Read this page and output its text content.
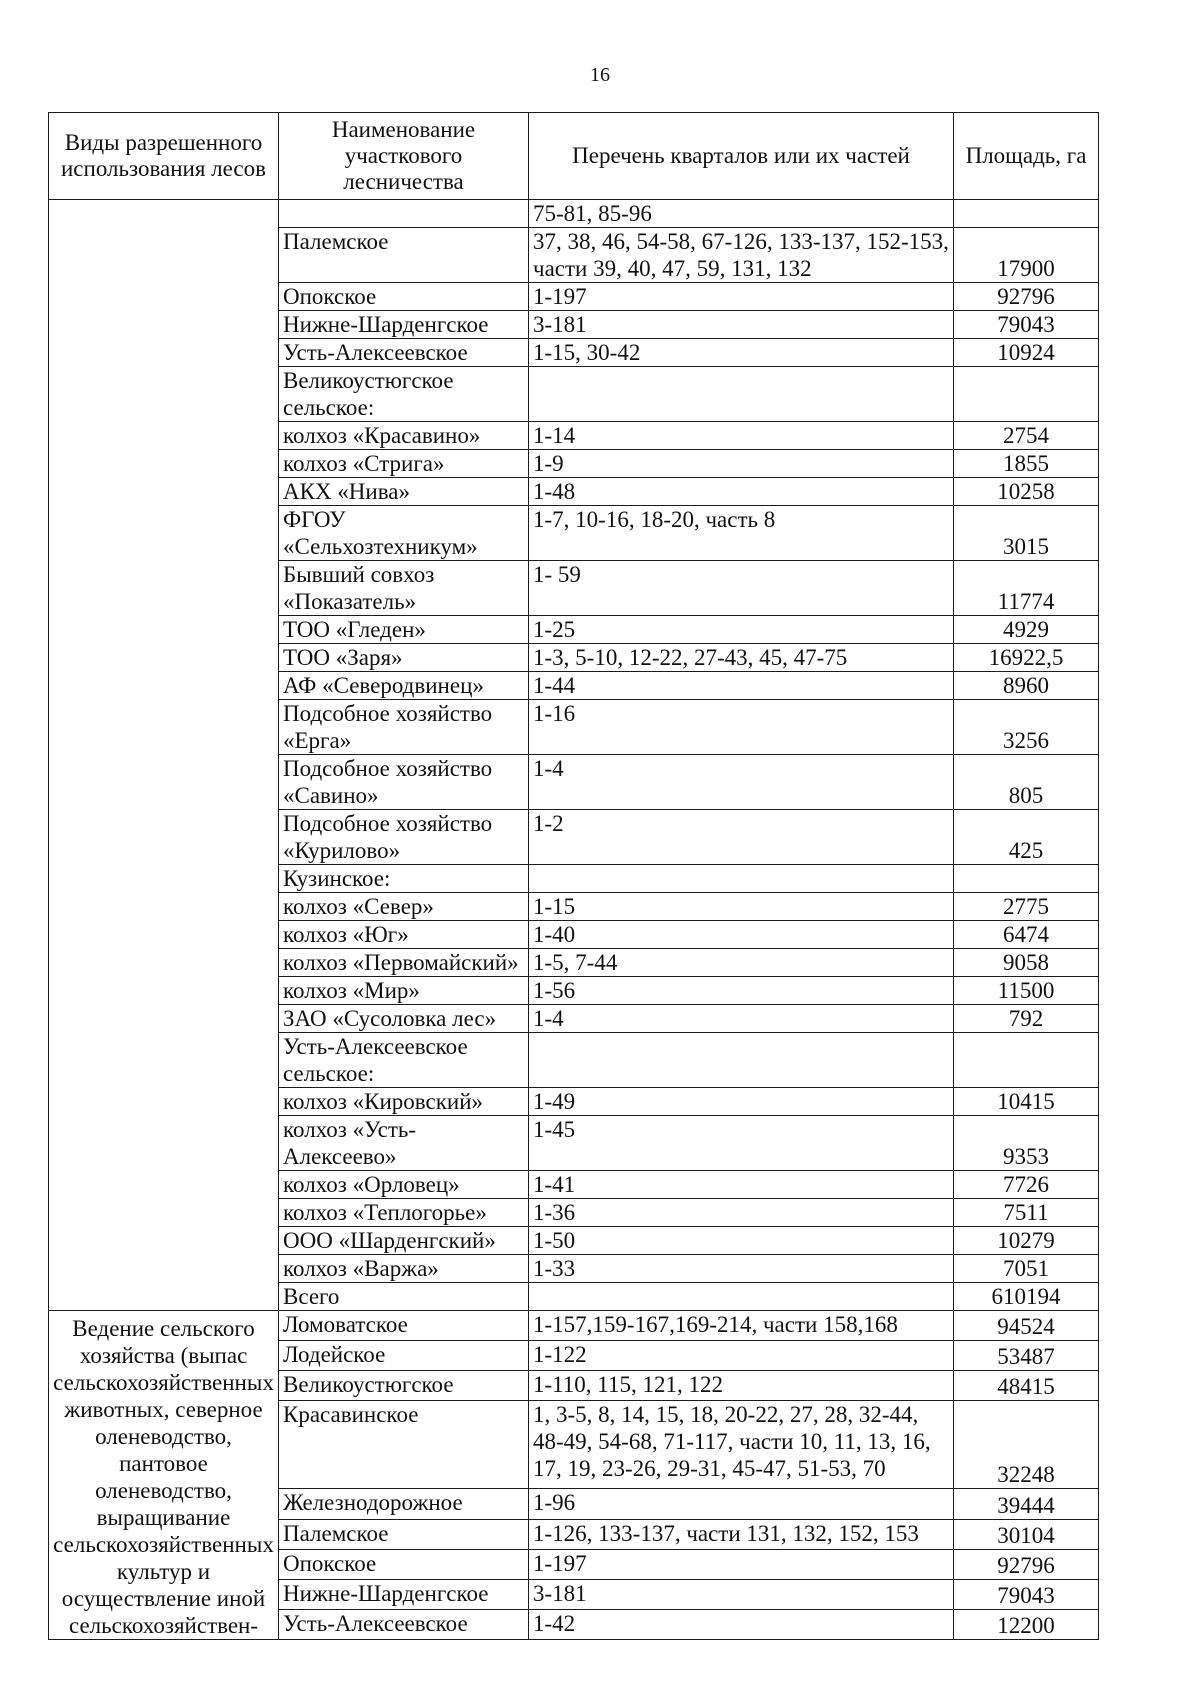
16
Виды разрешенного использования лесов	Наименование участкового лесничества	Перечень кварталов или их частей	Площадь, га
		75-81, 85-96	
	Палемское	37, 38, 46, 54-58, 67-126, 133-137, 152-153, части 39, 40, 47, 59, 131, 132	17900
	Опокское	1-197	92796
	Нижне-Шарденгское	3-181	79043
	Усть-Алексеевское	1-15, 30-42	10924
	Великоустюгское сельское:		
	колхоз «Красавино»	1-14	2754
	колхоз «Стрига»	1-9	1855
	АКХ «Нива»	1-48	10258
	ФГОУ «Сельхозтехникум»	1-7, 10-16, 18-20, часть 8	3015
	Бывший совхоз «Показатель»	1- 59	11774
	ТОО «Гледен»	1-25	4929
	ТОО «Заря»	1-3, 5-10, 12-22, 27-43, 45, 47-75	16922,5
	АФ «Северодвинец»	1-44	8960
	Подсобное хозяйство «Ерга»	1-16	3256
	Подсобное хозяйство «Савино»	1-4	805
	Подсобное хозяйство «Курилово»	1-2	425
	Кузинское:		
	колхоз «Север»	1-15	2775
	колхоз «Юг»	1-40	6474
	колхоз «Первомайский»	1-5, 7-44	9058
	колхоз «Мир»	1-56	11500
	ЗАО «Сусоловка лес»	1-4	792
	Усть-Алексеевское сельское:		
	колхоз «Кировский»	1-49	10415
	колхоз «Усть-Алексеево»	1-45	9353
	колхоз «Орловец»	1-41	7726
	колхоз «Теплогорье»	1-36	7511
	ООО «Шарденгский»	1-50	10279
	колхоз «Варжа»	1-33	7051
	Всего		610194
Ведение сельского хозяйства (выпас сельскохозяйственных животных, северное оленеводство, пантовое оленеводство, выращивание сельскохозяйственных культур и осуществление иной сельскохозяйствен-	Ломоватское	1-157,159-167,169-214, части 158,168	94524
	Лодейское	1-122	53487
	Великоустюгское	1-110, 115, 121, 122	48415
	Красавинское	1, 3-5, 8, 14, 15, 18, 20-22, 27, 28, 32-44, 48-49, 54-68, 71-117, части 10, 11, 13, 16, 17, 19, 23-26, 29-31, 45-47, 51-53, 70	32248
	Железнодорожное	1-96	39444
	Палемское	1-126, 133-137, части 131, 132, 152, 153	30104
	Опокское	1-197	92796
	Нижне-Шарденгское	3-181	79043
	Усть-Алексеевское	1-42	12200
